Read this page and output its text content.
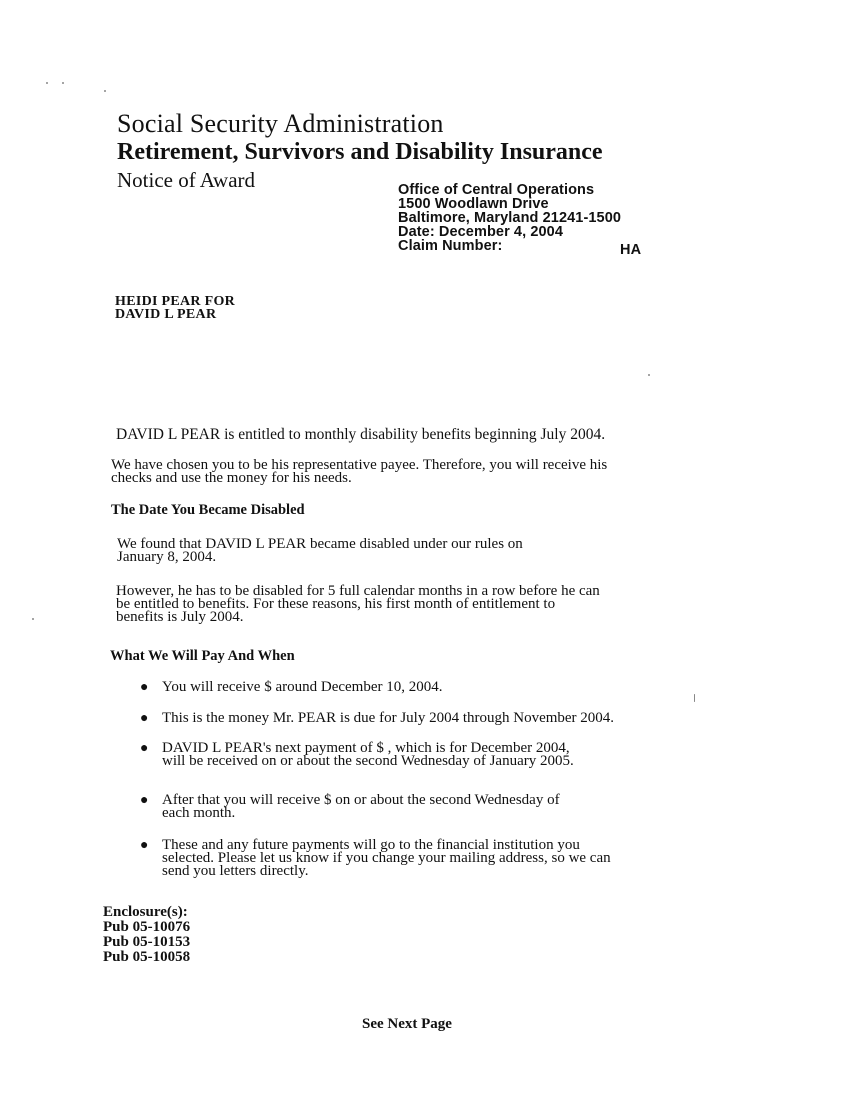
Social Security Administration
Retirement, Survivors and Disability Insurance
Notice of Award	Office of Central Operations
1500 Woodlawn Drive
Baltimore, Maryland 21241-1500
Date: December 4, 2004
Claim Number:	HA
HEIDI PEAR FOR
DAVID L PEAR
DAVID L PEAR is entitled to monthly disability benefits beginning July 2004.
We have chosen you to be his representative payee. Therefore, you will receive his
checks and use the money for his needs.
The Date You Became Disabled
We found that DAVID L PEAR became disabled under our rules on
January 8, 2004.
However, he has to be disabled for 5 full calendar months in a row before he can
be entitled to benefits. For these reasons, his first month of entitlement to
benefits is July 2004.
What We Will Pay And When
● You will receive $ around December 10, 2004.
● This is the money Mr. PEAR is due for July 2004 through November 2004.
● DAVID L PEAR's next payment of $ , which is for December 2004,
will be received on or about the second Wednesday of January 2005.
● After that you will receive $ on or about the second Wednesday of
each month.
● These and any future payments will go to the financial institution you
selected. Please let us know if you change your mailing address, so we can
send you letters directly.
Enclosure(s):
Pub 05-10076
Pub 05-10153
Pub 05-10058
See Next Page
